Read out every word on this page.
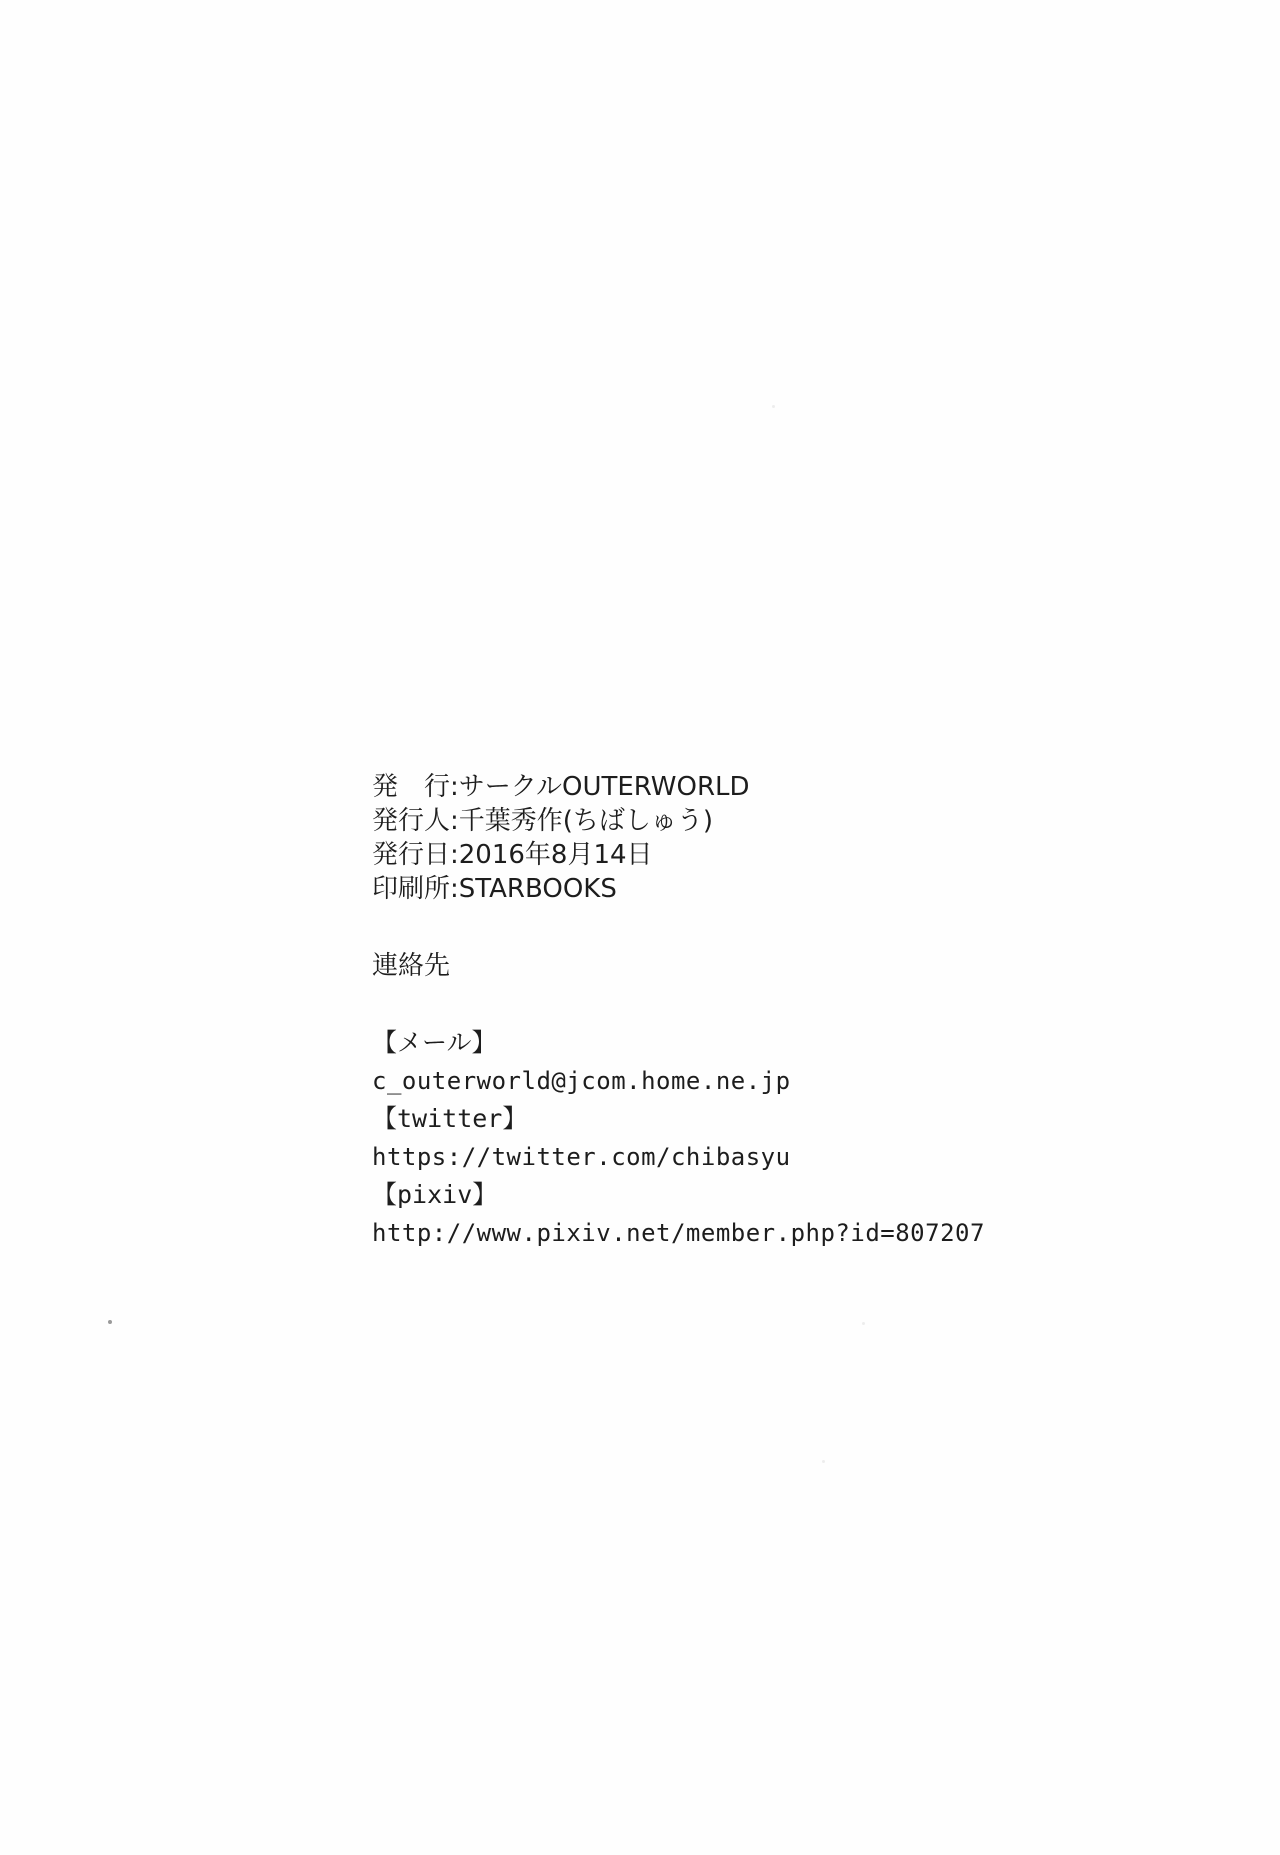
発　行:サークルOUTERWORLD
発行人:千葉秀作(ちばしゅう)
発行日:2016年8月14日
印刷所:STARBOOKS
連絡先
【メール】
c_outerworld@jcom.home.ne.jp
【twitter】
https://twitter.com/chibasyu
【pixiv】
http://www.pixiv.net/member.php?id=807207
